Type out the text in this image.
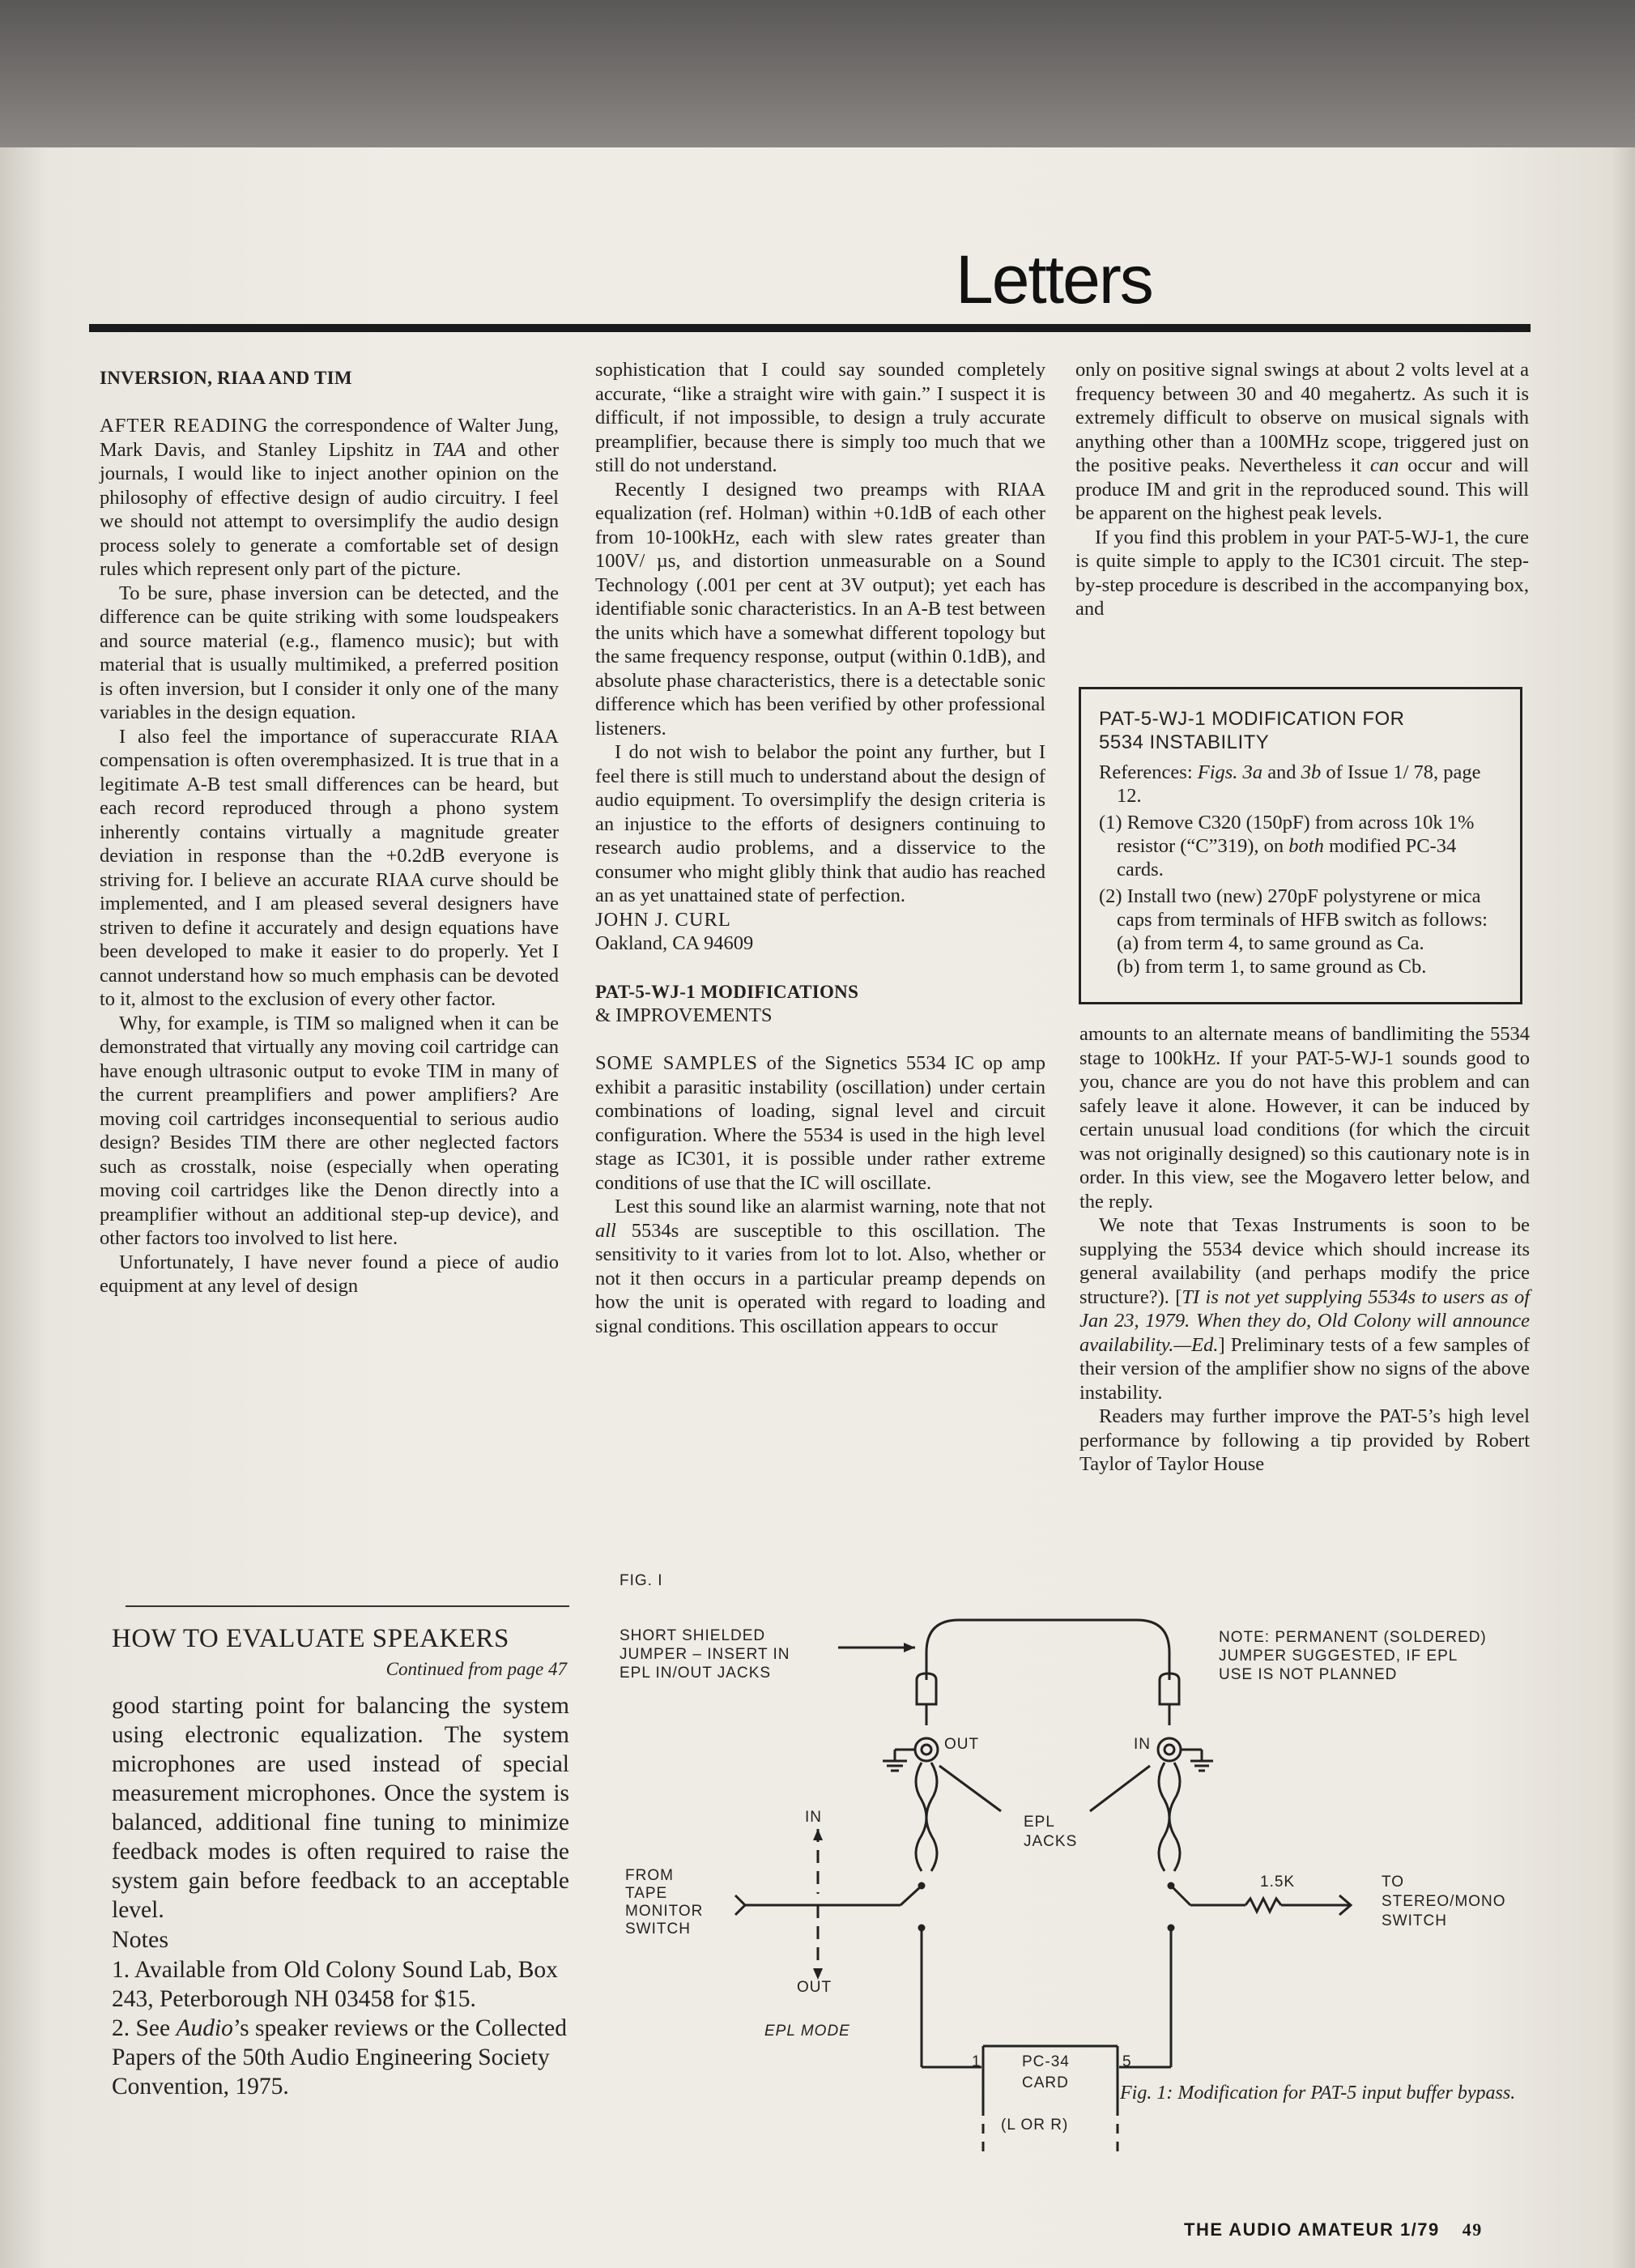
Letters

INVERSION, RIAA AND TIM

AFTER READING the correspondence of Walter Jung, Mark Davis, and Stanley Lipshitz in TAA and other journals, I would like to inject another opinion on the philosophy of effective design of audio circuitry. I feel we should not attempt to oversimplify the audio design process solely to generate a comfortable set of design rules which represent only part of the picture.

To be sure, phase inversion can be detected, and the difference can be quite striking with some loudspeakers and source material (e.g., flamenco music); but with material that is usually multimiked, a preferred position is often inversion, but I consider it only one of the many variables in the design equation.

I also feel the importance of superaccurate RIAA compensation is often overemphasized. It is true that in a legitimate A-B test small differences can be heard, but each record reproduced through a phono system inherently contains virtually a magnitude greater deviation in response than the +0.2dB everyone is striving for. I believe an accurate RIAA curve should be implemented, and I am pleased several designers have striven to define it accurately and design equations have been developed to make it easier to do properly. Yet I cannot understand how so much emphasis can be devoted to it, almost to the exclusion of every other factor.

Why, for example, is TIM so maligned when it can be demonstrated that virtually any moving coil cartridge can have enough ultrasonic output to evoke TIM in many of the current preamplifiers and power amplifiers? Are moving coil cartridges inconsequential to serious audio design? Besides TIM there are other neglected factors such as crosstalk, noise (especially when operating moving coil cartridges like the Denon directly into a preamplifier without an additional step-up device), and other factors too involved to list here.

Unfortunately, I have never found a piece of audio equipment at any level of design

sophistication that I could say sounded completely accurate, “like a straight wire with gain.” I suspect it is difficult, if not impossible, to design a truly accurate preamplifier, because there is simply too much that we still do not understand.

Recently I designed two preamps with RIAA equalization (ref. Holman) within +0.1dB of each other from 10-100kHz, each with slew rates greater than 100V/ µs, and distortion unmeasurable on a Sound Technology (.001 per cent at 3V output); yet each has identifiable sonic characteristics. In an A-B test between the units which have a somewhat different topology but the same frequency response, output (within 0.1dB), and absolute phase characteristics, there is a detectable sonic difference which has been verified by other professional listeners.

I do not wish to belabor the point any further, but I feel there is still much to understand about the design of audio equipment. To oversimplify the design criteria is an injustice to the efforts of designers continuing to research audio problems, and a disservice to the consumer who might glibly think that audio has reached an as yet unattained state of perfection.

JOHN J. CURL

Oakland, CA 94609

PAT-5-WJ-1 MODIFICATIONS

& IMPROVEMENTS

SOME SAMPLES of the Signetics 5534 IC op amp exhibit a parasitic instability (oscillation) under certain combinations of loading, signal level and circuit configuration. Where the 5534 is used in the high level stage as IC301, it is possible under rather extreme conditions of use that the IC will oscillate.

Lest this sound like an alarmist warning, note that not all 5534s are susceptible to this oscillation. The sensitivity to it varies from lot to lot. Also, whether or not it then occurs in a particular preamp depends on how the unit is operated with regard to loading and signal conditions. This oscillation appears to occur

only on positive signal swings at about 2 volts level at a frequency between 30 and 40 megahertz. As such it is extremely difficult to observe on musical signals with anything other than a 100MHz scope, triggered just on the positive peaks. Nevertheless it can occur and will produce IM and grit in the reproduced sound. This will be apparent on the highest peak levels.

If you find this problem in your PAT-5-WJ-1, the cure is quite simple to apply to the IC301 circuit. The step-by-step procedure is described in the accompanying box, and

PAT-5-WJ-1 MODIFICATION FOR
5534 INSTABILITY

References: Figs. 3a and 3b of Issue 1/ 78, page 12.

(1) Remove C320 (150pF) from across 10k 1% resistor (“C”319), on both modified PC-34 cards.

(2) Install two (new) 270pF polystyrene or mica caps from terminals of HFB switch as follows:

(a) from term 4, to same ground as Ca.

(b) from term 1, to same ground as Cb.

amounts to an alternate means of bandlimiting the 5534 stage to 100kHz. If your PAT-5-WJ-1 sounds good to you, chance are you do not have this problem and can safely leave it alone. However, it can be induced by certain unusual load conditions (for which the circuit was not originally designed) so this cautionary note is in order. In this view, see the Mogavero letter below, and the reply.

We note that Texas Instruments is soon to be supplying the 5534 device which should increase its general availability (and perhaps modify the price structure?). [TI is not yet supplying 5534s to users as of Jan 23, 1979. When they do, Old Colony will announce availability.—Ed.] Preliminary tests of a few samples of their version of the amplifier show no signs of the above instability.

Readers may further improve the PAT-5’s high level performance by following a tip provided by Robert Taylor of Taylor House

HOW TO EVALUATE SPEAKERS
Continued from page 47

good starting point for balancing the system using electronic equalization. The system microphones are used instead of special measurement microphones. Once the system is balanced, additional fine tuning to minimize feedback modes is often required to raise the system gain before feedback to an acceptable level.

Notes

1. Available from Old Colony Sound Lab, Box 243, Peterborough NH 03458 for $15.

2. See Audio’s speaker reviews or the Collected Papers of the 50th Audio Engineering Society Convention, 1975.

FIG. I
SHORT SHIELDED
JUMPER – INSERT IN
EPL IN/OUT JACKS
NOTE: PERMANENT (SOLDERED)
JUMPER SUGGESTED, IF EPL
USE IS NOT PLANNED
OUT	IN
EPL
JACKS
IN
OUT
FROM
TAPE
MONITOR
SWITCH
1.5K	TO
STEREO/MONO
SWITCH
EPL MODE
PC-34
CARD
(L OR R)
1	5
Fig. 1: Modification for PAT-5 input buffer bypass.
THE AUDIO AMATEUR 1/79 49
